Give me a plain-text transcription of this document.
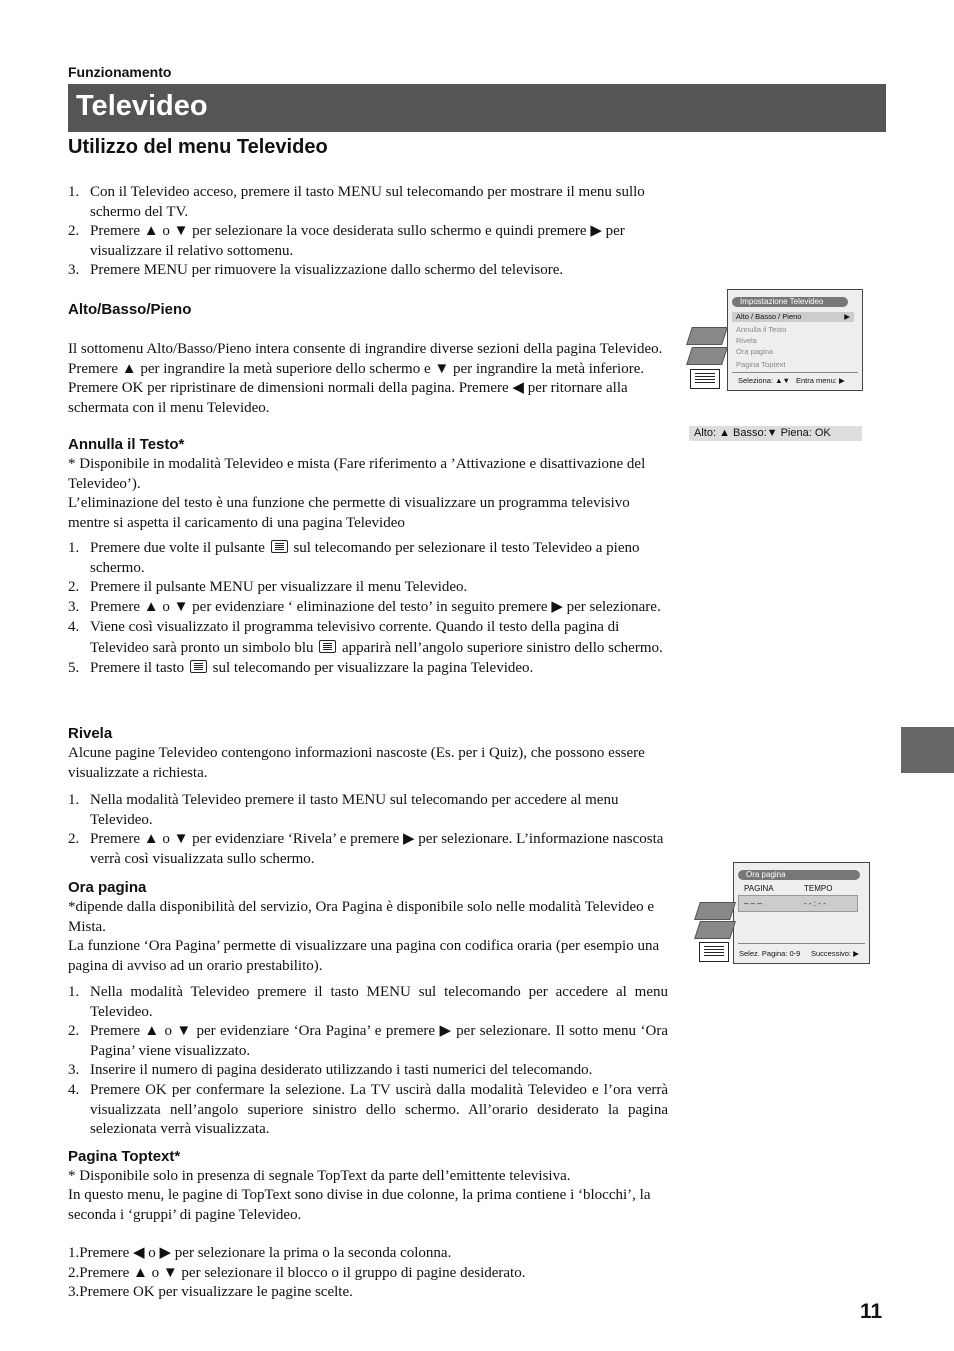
Funzionamento
Televideo
Utilizzo del menu Televideo
1. Con il Televideo acceso, premere il tasto MENU sul telecomando per mostrare il menu sullo schermo del TV.
2. Premere ▲ o ▼ per selezionare la voce desiderata sullo schermo e quindi premere ▶ per visualizzare il relativo sottomenu.
3. Premere MENU per rimuovere la visualizzazione dallo schermo del televisore.
Alto/Basso/Pieno
Il sottomenu Alto/Basso/Pieno intera consente di ingrandire diverse sezioni della pagina Televideo. Premere ▲ per ingrandire la metà superiore dello schermo e ▼ per ingrandire la metà inferiore. Premere OK per ripristinare de dimensioni normali della pagina. Premere ◀ per ritornare alla schermata con il menu Televideo.
Annulla il Testo*
* Disponibile in modalità Televideo e mista (Fare riferimento a ’Attivazione e disattivazione del Televideo’).
L’eliminazione del testo è una funzione che permette di visualizzare un programma televisivo mentre si aspetta il caricamento di una pagina Televideo
1. Premere due volte il pulsante  sul telecomando per selezionare il testo Televideo a pieno schermo.
2. Premere il pulsante MENU per visualizzare il menu Televideo.
3. Premere ▲ o ▼ per evidenziare ‘ eliminazione del testo’ in seguito premere ▶ per selezionare.
4. Viene così visualizzato il programma televisivo corrente. Quando il testo della pagina di Televideo sarà pronto un simbolo blu  apparirà nell’angolo superiore sinistro dello schermo.
5. Premere il tasto  sul telecomando per visualizzare la pagina Televideo.
Rivela
Alcune pagine Televideo contengono informazioni nascoste (Es. per i Quiz), che possono essere visualizzate a richiesta.
1. Nella modalità Televideo premere il tasto MENU sul telecomando per accedere al menu Televideo.
2. Premere ▲ o ▼ per evidenziare ‘Rivela’ e premere ▶ per selezionare. L’informazione nascosta verrà così visualizzata sullo schermo.
Ora pagina
*dipende dalla disponibilità del servizio, Ora Pagina è disponibile solo nelle modalità Televideo e Mista.
La funzione ‘Ora Pagina’ permette di visualizzare una pagina con codifica oraria (per esempio una pagina di avviso ad un orario prestabilito).
1. Nella modalità Televideo premere il tasto MENU sul telecomando per accedere al menu Televideo.
2. Premere ▲ o ▼ per evidenziare ‘Ora Pagina’ e premere ▶ per selezionare. Il sotto menu ‘Ora Pagina’ viene visualizzato.
3. Inserire il numero di pagina desiderato utilizzando i tasti numerici del telecomando.
4. Premere OK per confermare la selezione. La TV uscirà dalla modalità Televideo e l’ora verrà visualizzata nell’angolo superiore sinistro dello schermo. All’orario desiderato la pagina selezionata verrà visualizzata.
Pagina Toptext*
* Disponibile solo in presenza di segnale TopText da parte dell’emittente televisiva.
In questo menu, le pagine di TopText sono divise in due colonne, la prima contiene i ‘blocchi’, la seconda i ‘gruppi’ di pagine Televideo.
1.Premere ◀ o ▶ per selezionare la prima o la seconda colonna.
2.Premere ▲ o ▼ per selezionare il blocco o il gruppo di pagine desiderato.
3.Premere OK per visualizzare le pagine scelte.
Impostazione Televideo
Alto / Basso / Pieno	▶
Annulla il Testo
Rivela
Ora pagina
Pagina Toptext
Seleziona: ▲▼ Entra menu: ▶
Alto: ▲ Basso:▼ Piena: OK
Ora pagina
PAGINA	TEMPO
– – –	- - : - -
Selez. Pagina: 0-9 Successivo: ▶
11
